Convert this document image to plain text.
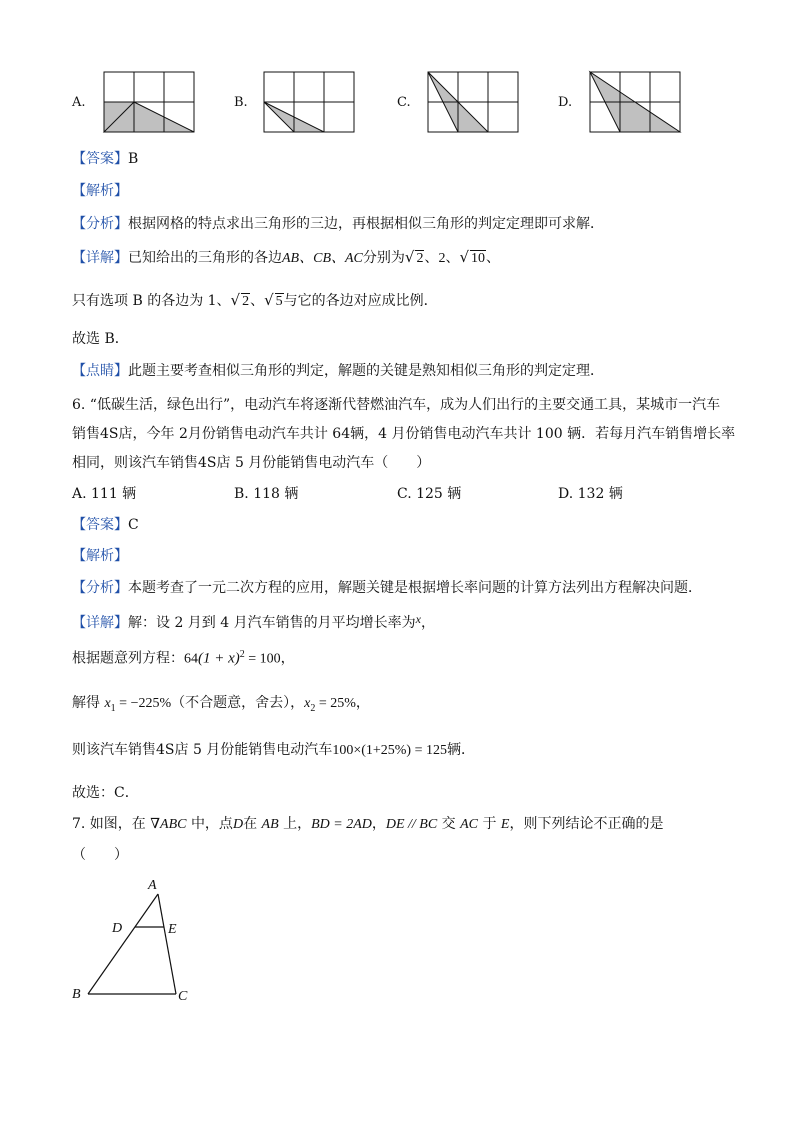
A.	B.	C.	D.
【答案】B
【解析】
【分析】根据网格的特点求出三角形的三边，再根据相似三角形的判定定理即可求解．
【详解】已知给出的三角形的各边AB、CB、AC分别为√ 2、2、√ 10、
只有选项 B 的各边为 1、√ 2、√ 5与它的各边对应成比例．
故选 B．
【点睛】此题主要考查相似三角形的判定，解题的关键是熟知相似三角形的判定定理．
6. “低碳生活，绿色出行”，电动汽车将逐渐代替燃油汽车，成为人们出行的主要交通工具，某城市一汽车
销售4S店，今年 2月份销售电动汽车共计 64辆，4 月份销售电动汽车共计 100 辆．若每月汽车销售增长率
相同，则该汽车销售4S店 5 月份能销售电动汽车（　　）
A. 111 辆	B. 118 辆	C. 125 辆	D. 132 辆
【答案】C
【解析】
【分析】本题考查了一元二次方程的应用，解题关键是根据增长率问题的计算方法列出方程解决问题．
【详解】解：设 2 月到 4 月汽车销售的月平均增长率为x，
根据题意列方程：$64(1 + x)^2 = 100$，
解得 $x_1 = -225\%$（不合题意，舍去），$x_2 = 25\%$，
则该汽车销售4S店 5 月份能销售电动汽车100×(1+25%) = 125辆．
故选：C．
7. 如图，在 ∇ABC 中，点D在 AB 上，BD = 2AD，DE // BC 交 AC 于 E，则下列结论不正确的是
（　　）
A
D	E
B	C
